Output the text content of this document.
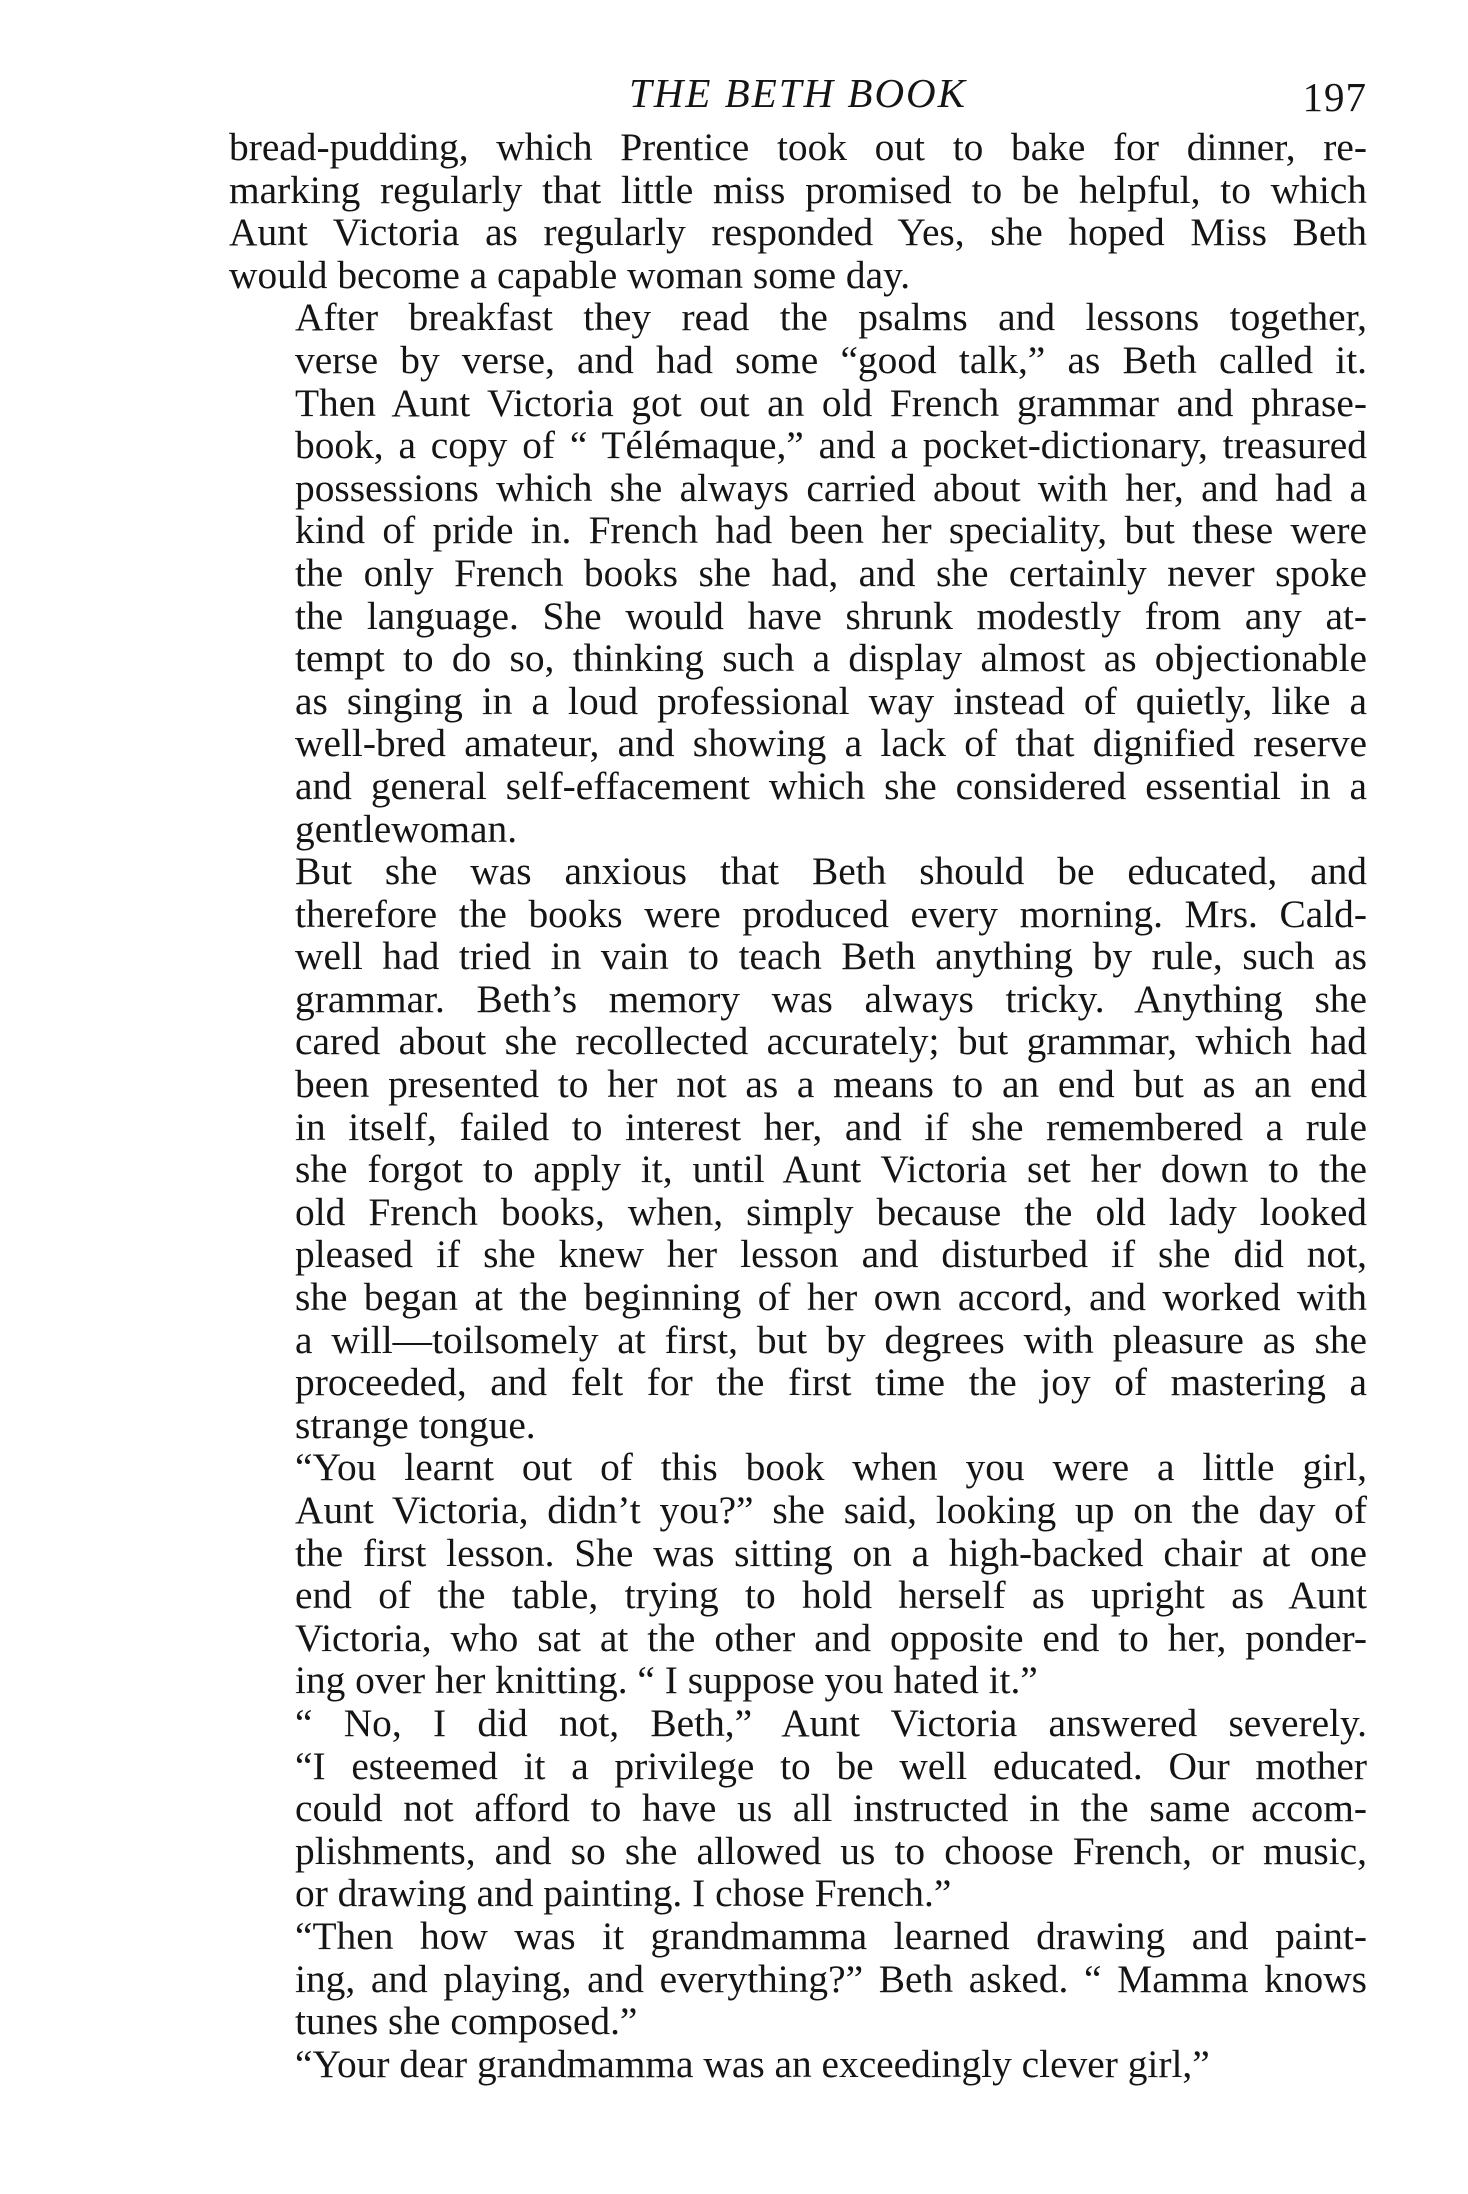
THE BETH BOOK	197

bread-pudding, which Prentice took out to bake for dinner, re-
marking regularly that little miss promised to be helpful, to which
Aunt Victoria as regularly responded Yes, she hoped Miss Beth
would become a capable woman some day.

After breakfast they read the psalms and lessons together,
verse by verse, and had some “good talk,” as Beth called it.
Then Aunt Victoria got out an old French grammar and phrase-
book, a copy of “ Télémaque,” and a pocket-dictionary, treasured
possessions which she always carried about with her, and had a
kind of pride in. French had been her speciality, but these were
the only French books she had, and she certainly never spoke
the language. She would have shrunk modestly from any at-
tempt to do so, thinking such a display almost as objectionable
as singing in a loud professional way instead of quietly, like a
well-bred amateur, and showing a lack of that dignified reserve
and general self-effacement which she considered essential in a
gentlewoman.

But she was anxious that Beth should be educated, and
therefore the books were produced every morning. Mrs. Cald-
well had tried in vain to teach Beth anything by rule, such as
grammar. Beth’s memory was always tricky. Anything she
cared about she recollected accurately; but grammar, which had
been presented to her not as a means to an end but as an end
in itself, failed to interest her, and if she remembered a rule
she forgot to apply it, until Aunt Victoria set her down to the
old French books, when, simply because the old lady looked
pleased if she knew her lesson and disturbed if she did not,
she began at the beginning of her own accord, and worked with
a will—toilsomely at first, but by degrees with pleasure as she
proceeded, and felt for the first time the joy of mastering a
strange tongue.

“You learnt out of this book when you were a little girl,
Aunt Victoria, didn’t you?” she said, looking up on the day of
the first lesson. She was sitting on a high-backed chair at one
end of the table, trying to hold herself as upright as Aunt
Victoria, who sat at the other and opposite end to her, ponder-
ing over her knitting. “ I suppose you hated it.”

“ No, I did not, Beth,” Aunt Victoria answered severely.
“I esteemed it a privilege to be well educated. Our mother
could not afford to have us all instructed in the same accom-
plishments, and so she allowed us to choose French, or music,
or drawing and painting. I chose French.”

“Then how was it grandmamma learned drawing and paint-
ing, and playing, and everything?” Beth asked. “ Mamma knows
tunes she composed.”

“Your dear grandmamma was an exceedingly clever girl,”
